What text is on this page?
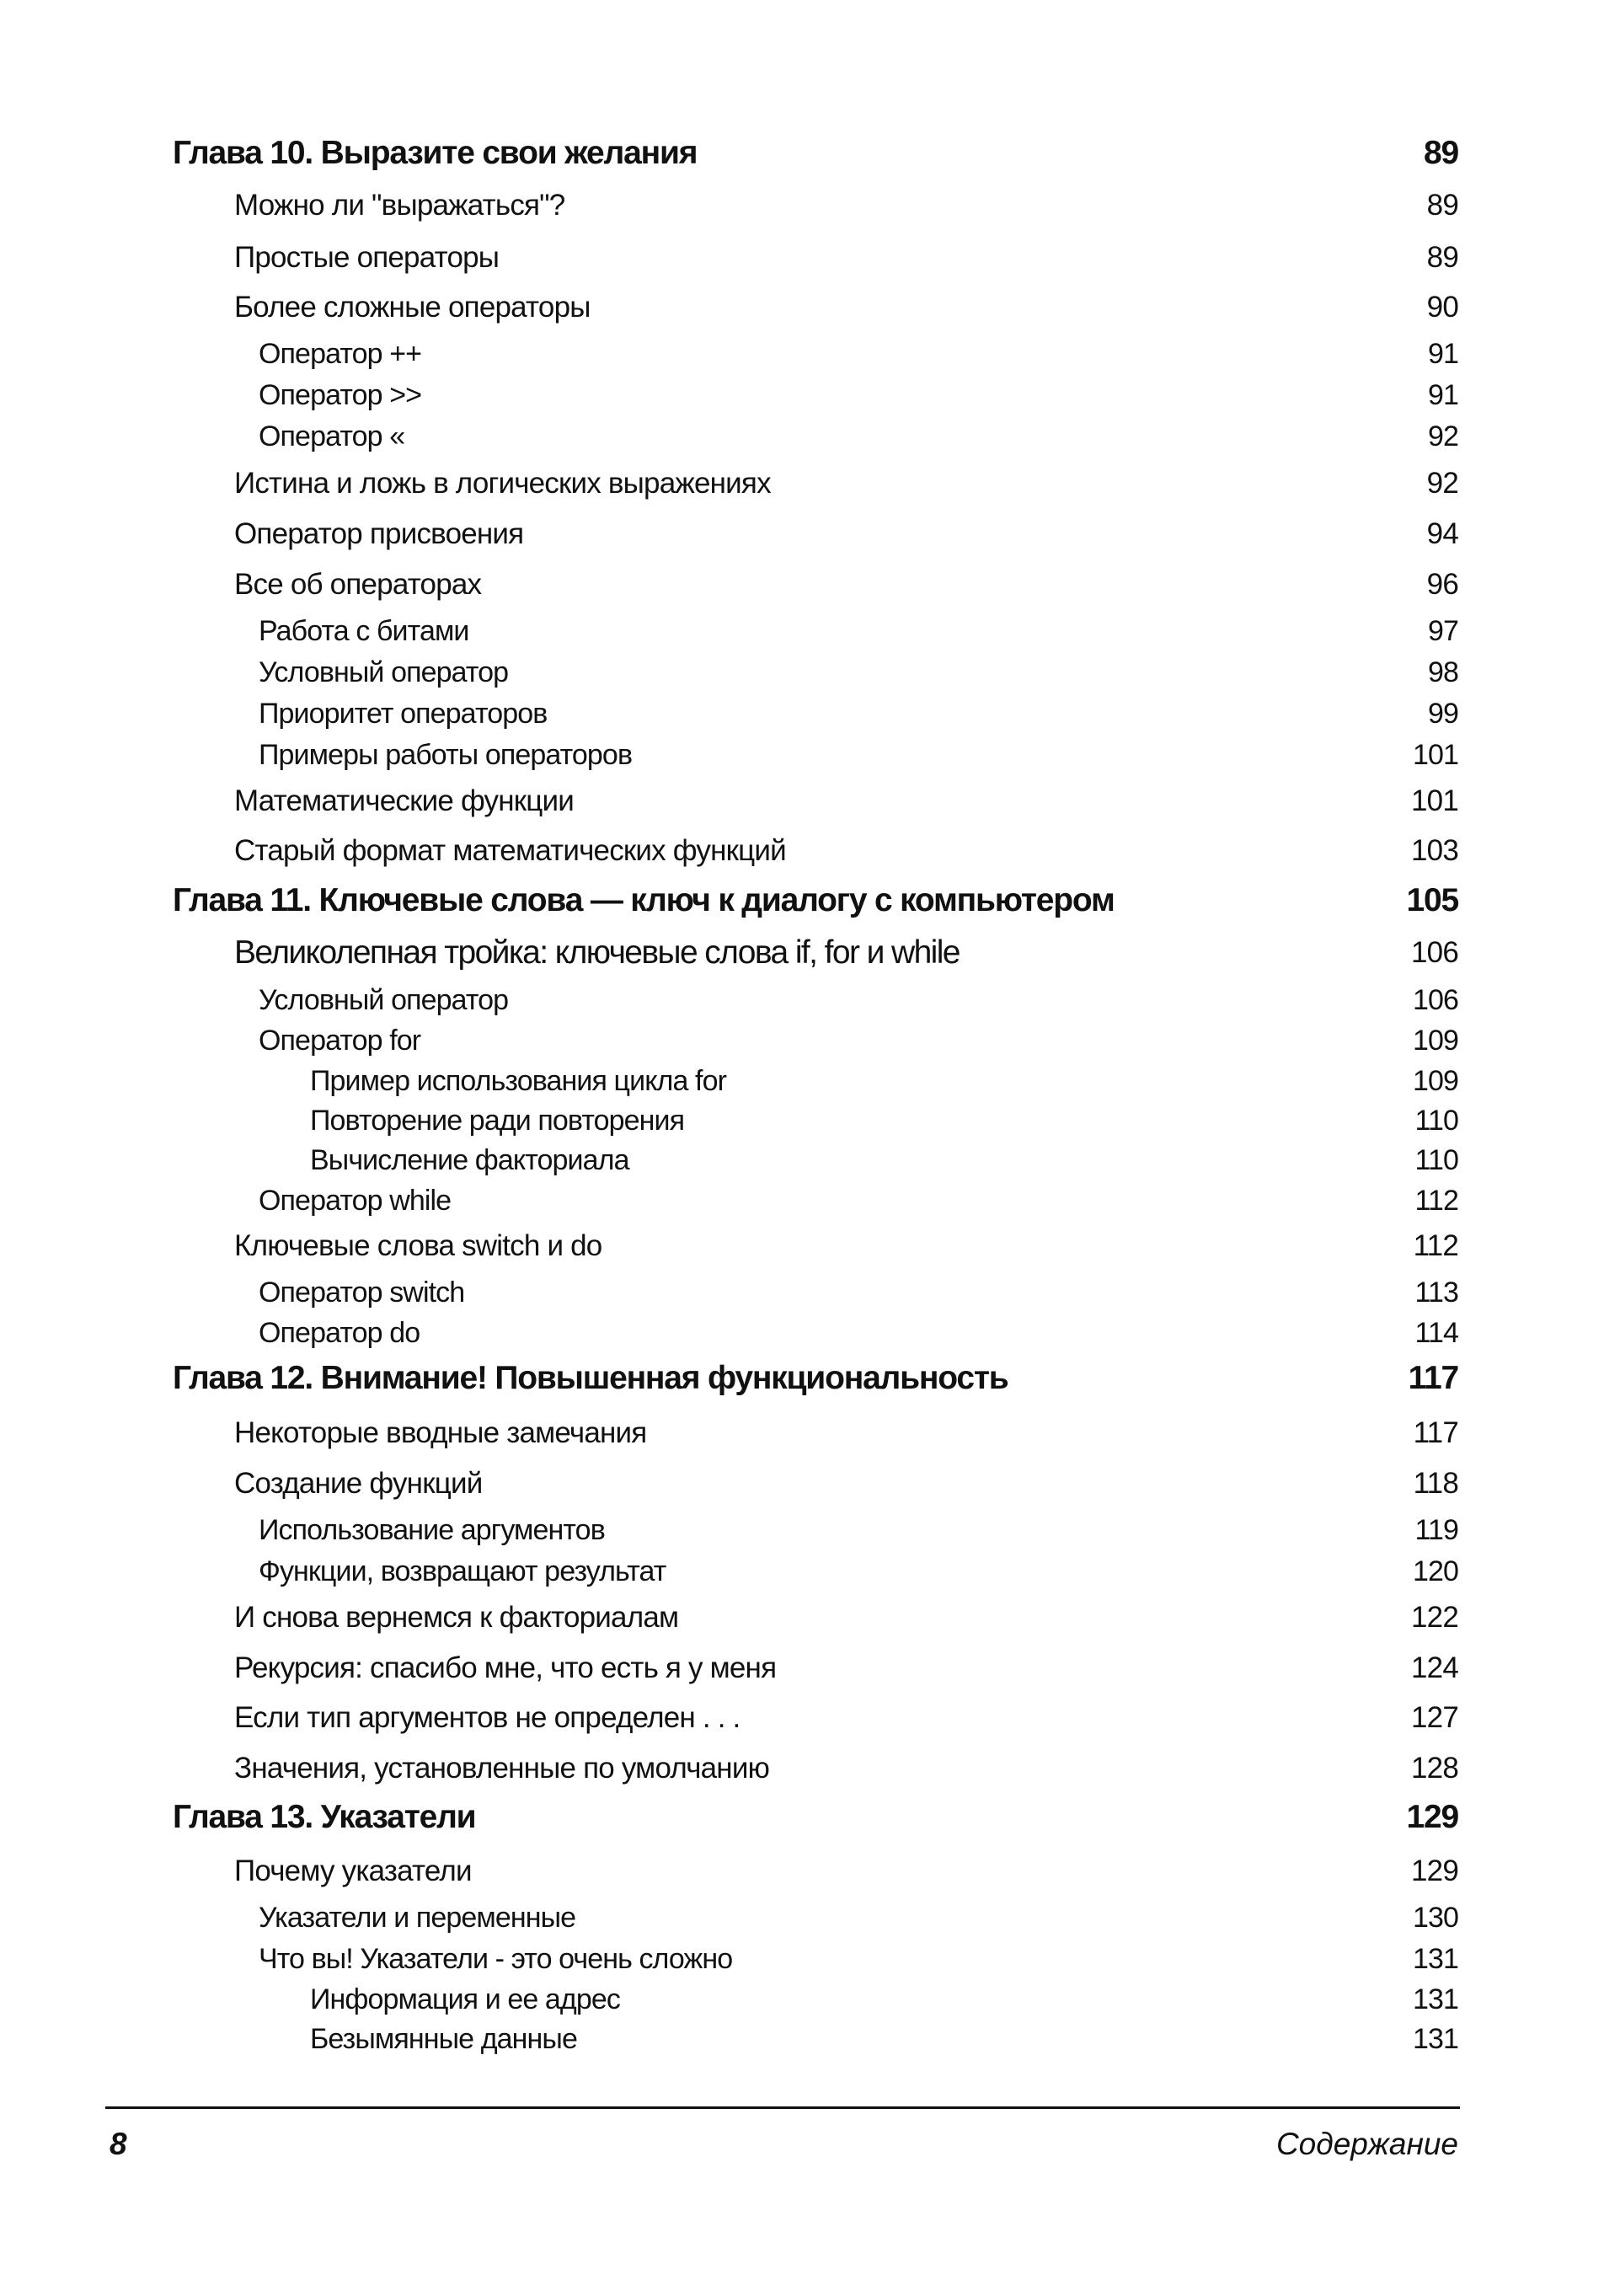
Глава 10. Выразите свои желания	89
Можно ли "выражаться"?	89
Простые операторы	89
Более сложные операторы	90
Оператор ++	91
Оператор >>	91
Оператор «	92
Истина и ложь в логических выражениях	92
Оператор присвоения	94
Все об операторах	96
Работа с битами	97
Условный оператор	98
Приоритет операторов	99
Примеры работы операторов	101
Математические функции	101
Старый формат математических функций	103
Глава 11. Ключевые слова — ключ к диалогу с компьютером	105
Великолепная тройка: ключевые слова if, for и while	106
Условный оператор	106
Оператор for	109
Пример использования цикла for	109
Повторение ради повторения	110
Вычисление факториала	110
Оператор while	112
Ключевые слова switch и do	112
Оператор switch	113
Оператор do	114
Глава 12. Внимание! Повышенная функциональность	117
Некоторые вводные замечания	117
Создание функций	118
Использование аргументов	119
Функции, возвращают результат	120
И снова вернемся к факториалам	122
Рекурсия: спасибо мне, что есть я у меня	124
Если тип аргументов не определен . . .	127
Значения, установленные по умолчанию	128
Глава 13. Указатели	129
Почему указатели	129
Указатели и переменные	130
Что вы! Указатели - это очень сложно	131
Информация и ее адрес	131
Безымянные данные	131
8	Содержание
